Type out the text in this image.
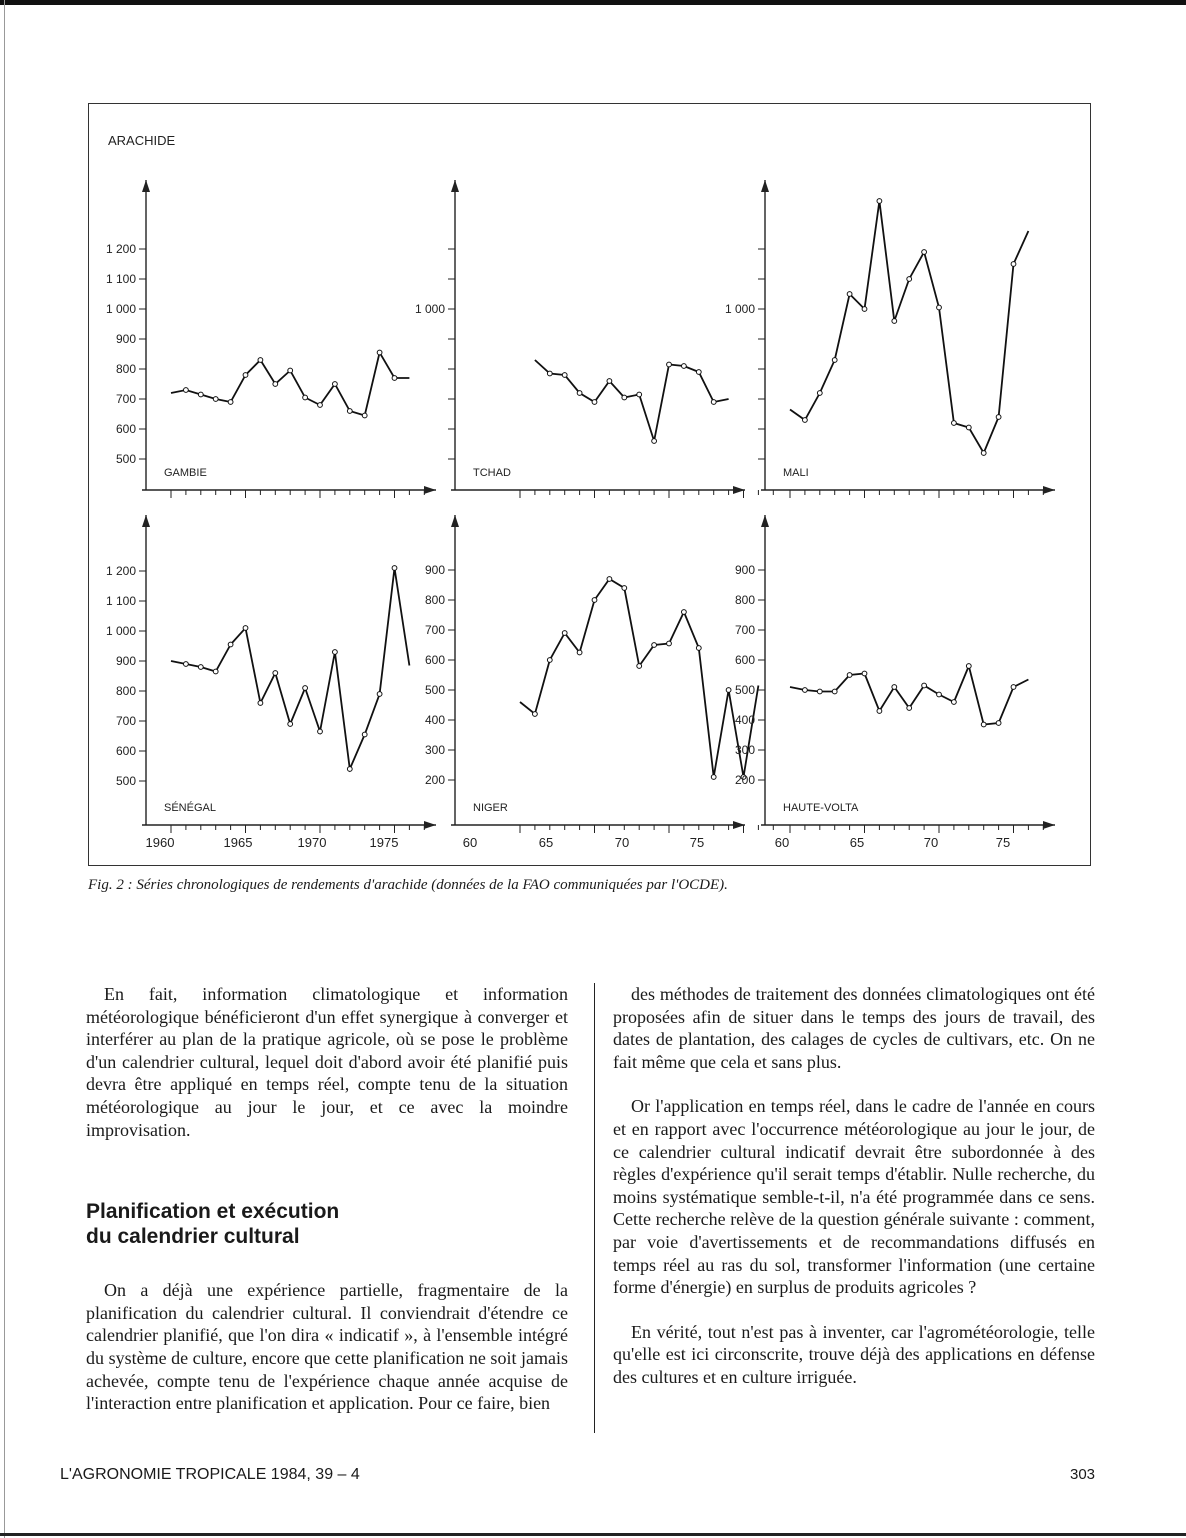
ARACHIDE
1 200
1 100
1 000
900
800
700
600
500
GAMBIE
1 000
TCHAD
1 000
MALI
1 200
1 100
1 000
900
800
700
600
500
SÉNÉGAL
900
800
700
600
500
400
300
200
NIGER
900
800
700
600
500
400
300
200
HAUTE-VOLTA
1960	1965	1970	1975	60	65	70	75	60	65	70	75
Fig. 2 : Séries chronologiques de rendements d'arachide (données de la FAO communiquées par l'OCDE).

En fait, information climatologique et information météorologique bénéficieront d'un effet synergique à converger et interférer au plan de la pratique agricole, où se pose le problème d'un calendrier cultural, lequel doit d'abord avoir été planifié puis devra être appliqué en temps réel, compte tenu de la situation météorologique au jour le jour, et ce avec la moindre improvisation.

Planification et exécution
du calendrier cultural

On a déjà une expérience partielle, fragmentaire de la planification du calendrier cultural. Il conviendrait d'étendre ce calendrier planifié, que l'on dira « indicatif », à l'ensemble intégré du système de culture, encore que cette planification ne soit jamais achevée, compte tenu de l'expérience chaque année acquise de l'interaction entre planification et application. Pour ce faire, bien

des méthodes de traitement des données climatologiques ont été proposées afin de situer dans le temps des jours de travail, des dates de plantation, des calages de cycles de cultivars, etc. On ne fait même que cela et sans plus.

Or l'application en temps réel, dans le cadre de l'année en cours et en rapport avec l'occurrence météorologique au jour le jour, de ce calendrier cultural indicatif devrait être subordonnée à des règles d'expérience qu'il serait temps d'établir. Nulle recherche, du moins systématique semble-t-il, n'a été programmée dans ce sens. Cette recherche relève de la question générale suivante : comment, par voie d'avertissements et de recommandations diffusés en temps réel au ras du sol, transformer l'information (une certaine forme d'énergie) en surplus de produits agricoles ?

En vérité, tout n'est pas à inventer, car l'agrométéorologie, telle qu'elle est ici circonscrite, trouve déjà des applications en défense des cultures et en culture irriguée.

L'AGRONOMIE TROPICALE 1984, 39 – 4	303
